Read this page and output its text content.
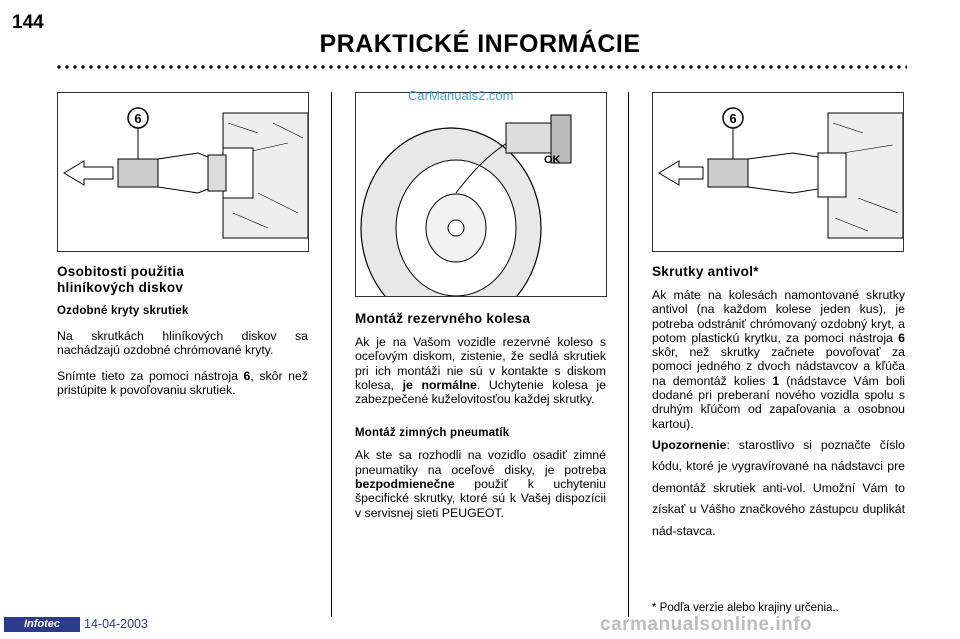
144
PRAKTICKÉ INFORMÁCIE
6
OK
CarManuals2.com
6
Osobitosti použitia
hliníkových diskov
Ozdobné kryty skrutiek

Na skrutkách hliníkových diskov sa nachádzajú ozdobné chrómované kryty.

Snímte tieto za pomoci nástroja 6, skôr než pristúpite k povoľovaniu skrutiek.

Montáž rezervného kolesa

Ak je na Vašom vozidle rezervné koleso s oceľovým diskom, zistenie, že sedlá skrutiek pri ich montáži nie sú v kontakte s diskom kolesa, je normálne. Uchytenie kolesa je zabezpečené kuželovitosťou každej skrutky.

Montáž zimných pneumatík

Ak ste sa rozhodli na vozidlo osadiť zimné pneumatiky na oceľové disky, je potreba bezpodmienečne použiť k uchyteniu špecifické skrutky, ktoré sú k Vašej dispozícii v servisnej sieti PEUGEOT.

Skrutky antivol*

Ak máte na kolesách namontované skrutky antivol (na každom kolese jeden kus), je potreba odstrániť chrómovaný ozdobný kryt, a potom plastickú krytku, za pomoci nástroja 6 skôr, než skrutky začnete povoľovať za pomoci jedného z dvoch nádstavcov a kľúča na demontáž kolies 1 (nádstavce Vám boli dodané pri preberaní nového vozidla spolu s druhým kľúčom od zapaľovania a osobnou kartou).

Upozornenie: starostlivo si poznačte číslo kódu, ktoré je vygravírované na nádstavci pre demontáž skrutiek anti-vol. Umožní Vám to získať u Vášho značkového zástupcu duplikát nád-stavca.

* Podľa verzie alebo krajiny určenia..
Infotec	14-04-2003	carmanualsonline.info
